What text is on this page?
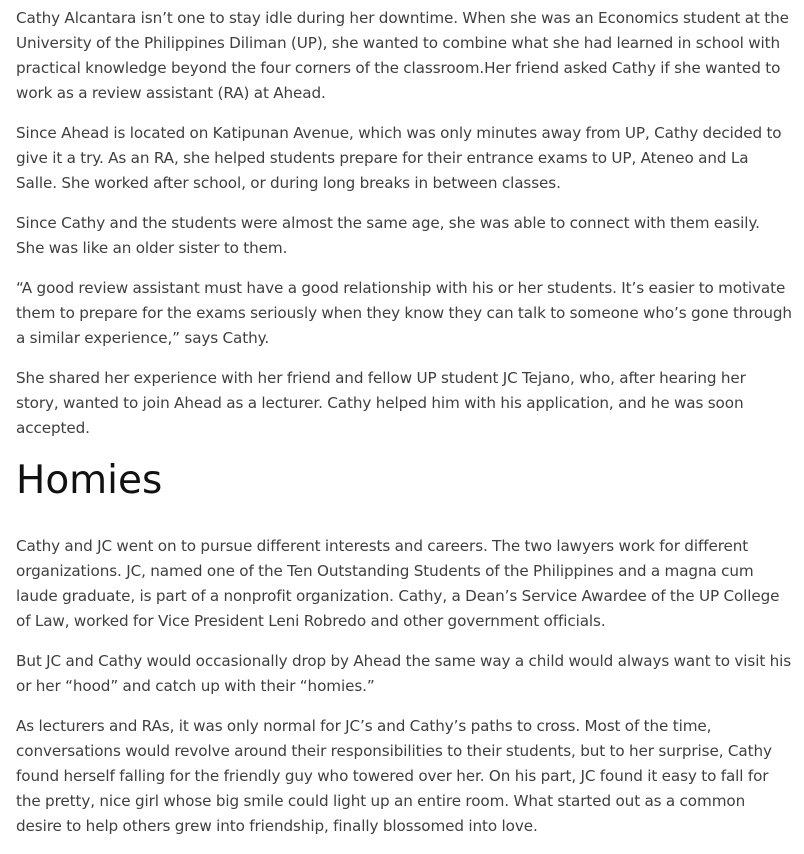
Cathy Alcantara isn’t one to stay idle during her downtime. When she was an Economics student at the University of the Philippines Diliman (UP), she wanted to combine what she had learned in school with practical knowledge beyond the four corners of the classroom.Her friend asked Cathy if she wanted to work as a review assistant (RA) at Ahead.

Since Ahead is located on Katipunan Avenue, which was only minutes away from UP, Cathy decided to give it a try. As an RA, she helped students prepare for their entrance exams to UP, Ateneo and La Salle. She worked after school, or during long breaks in between classes.

Since Cathy and the students were almost the same age, she was able to connect with them easily. She was like an older sister to them.

“A good review assistant must have a good relationship with his or her students. It’s easier to motivate them to prepare for the exams seriously when they know they can talk to someone who’s gone through a similar experience,” says Cathy.

She shared her experience with her friend and fellow UP student JC Tejano, who, after hearing her story, wanted to join Ahead as a lecturer. Cathy helped him with his application, and he was soon accepted.

Homies

Cathy and JC went on to pursue different interests and careers. The two lawyers work for different organizations. JC, named one of the Ten Outstanding Students of the Philippines and a magna cum laude graduate, is part of a nonprofit organization. Cathy, a Dean’s Service Awardee of the UP College of Law, worked for Vice President Leni Robredo and other government officials.

But JC and Cathy would occasionally drop by Ahead the same way a child would always want to visit his or her “hood” and catch up with their “homies.”

As lecturers and RAs, it was only normal for JC’s and Cathy’s paths to cross. Most of the time, conversations would revolve around their responsibilities to their students, but to her surprise, Cathy found herself falling for the friendly guy who towered over her. On his part, JC found it easy to fall for the pretty, nice girl whose big smile could light up an entire room. What started out as a common desire to help others grew into friendship, finally blossomed into love.
